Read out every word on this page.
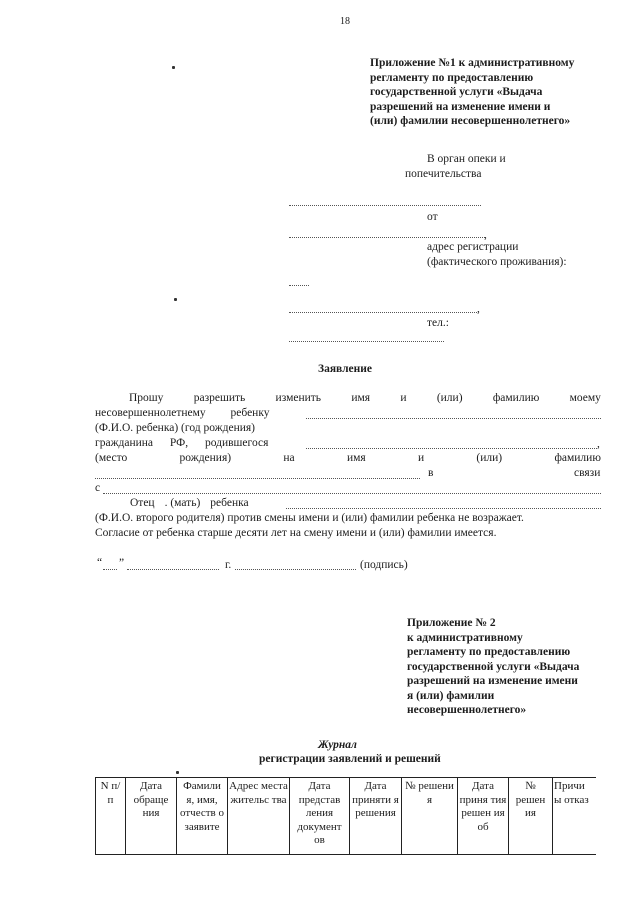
18
Приложение №1 к административному
регламенту по предоставлению
государственной услуги «Выдача
разрешений на изменение имени и
(или) фамилии несовершеннолетнего»
В орган опеки и
попечительства
от
,
адрес регистрации
(фактического проживания):
,
тел.:
Заявление
Прошу	разрешить	изменить	имя	и	(или)	фамилию	моему
несовершеннолетнему ребенку
(Ф.И.О. ребенка) (год рождения)
гражданина РФ, родившегося	,
(место	рождения)	на	имя	и	(или)	фамилию
в	связи
с
Отец . (мать) ребенка
(Ф.И.О. второго родителя) против смены имени и (или) фамилии ребенка не возражает.
Согласие от ребенка старше десяти лет на смену имени и (или) фамилии имеется.
“ ”	г.	(подпись)
Приложение № 2
к административному
регламенту по предоставлению
государственной услуги «Выдача
разрешений на изменение имени
я (или) фамилии
несовершеннолетнего»
Журнал
регистрации заявлений и решений
N п/ п	Дата обраще ния	Фамили я, имя, отчеств о заявите	Адрес места жительс тва	Дата представ ления документ ов	Дата приняти я решения	№ решени я	Дата приня тия решен ия об	№ решен ия	Причи ы отказ
